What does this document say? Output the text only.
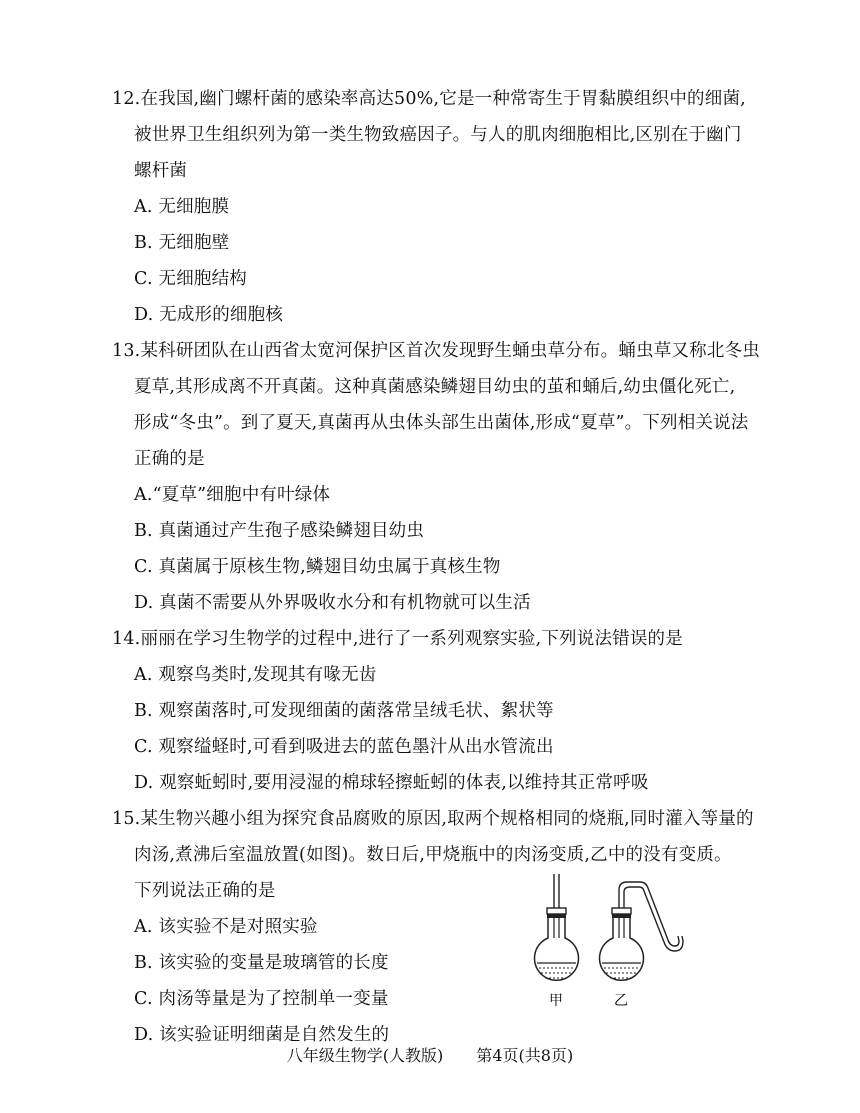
12.在我国,幽门螺杆菌的感染率高达50%,它是一种常寄生于胃黏膜组织中的细菌,
被世界卫生组织列为第一类生物致癌因子。与人的肌肉细胞相比,区别在于幽门
螺杆菌
A. 无细胞膜
B. 无细胞壁
C. 无细胞结构
D. 无成形的细胞核
13.某科研团队在山西省太宽河保护区首次发现野生蛹虫草分布。蛹虫草又称北冬虫
夏草,其形成离不开真菌。这种真菌感染鳞翅目幼虫的茧和蛹后,幼虫僵化死亡,
形成“冬虫”。到了夏天,真菌再从虫体头部生出菌体,形成“夏草”。下列相关说法
正确的是
A.“夏草”细胞中有叶绿体
B. 真菌通过产生孢子感染鳞翅目幼虫
C. 真菌属于原核生物,鳞翅目幼虫属于真核生物
D. 真菌不需要从外界吸收水分和有机物就可以生活
14.丽丽在学习生物学的过程中,进行了一系列观察实验,下列说法错误的是
A. 观察鸟类时,发现其有喙无齿
B. 观察菌落时,可发现细菌的菌落常呈绒毛状、絮状等
C. 观察缢蛏时,可看到吸进去的蓝色墨汁从出水管流出
D. 观察蚯蚓时,要用浸湿的棉球轻擦蚯蚓的体表,以维持其正常呼吸
15.某生物兴趣小组为探究食品腐败的原因,取两个规格相同的烧瓶,同时灌入等量的
肉汤,煮沸后室温放置(如图)。数日后,甲烧瓶中的肉汤变质,乙中的没有变质。
下列说法正确的是
A. 该实验不是对照实验
B. 该实验的变量是玻璃管的长度
C. 肉汤等量是为了控制单一变量
D. 该实验证明细菌是自然发生的
甲	乙
八年级生物学(人教版) 第4页(共8页)
